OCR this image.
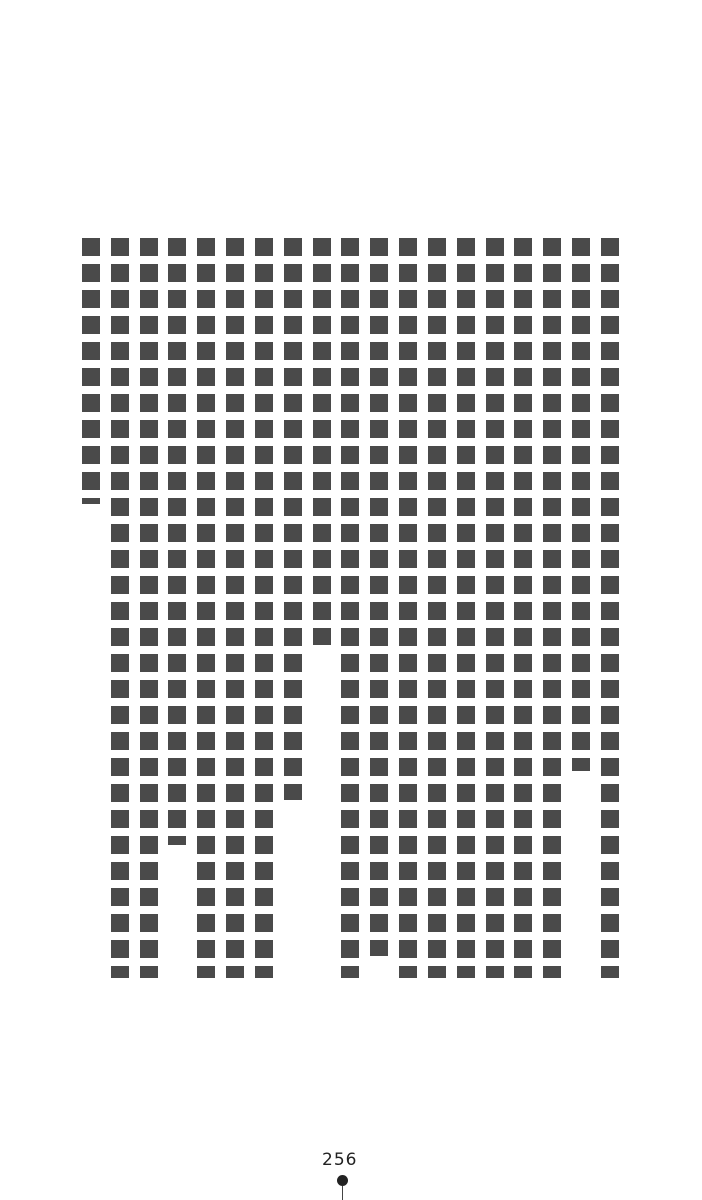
256
